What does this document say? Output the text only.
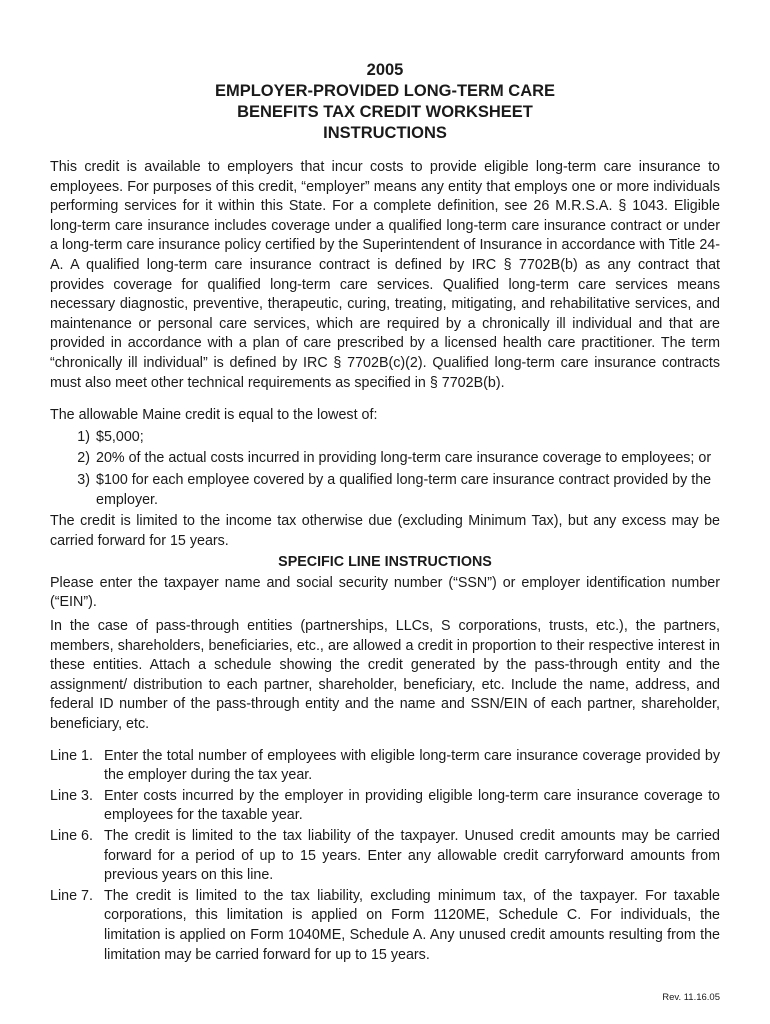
2005
EMPLOYER-PROVIDED LONG-TERM CARE
BENEFITS TAX CREDIT WORKSHEET
INSTRUCTIONS

This credit is available to employers that incur costs to provide eligible long-term care insurance to employees. For purposes of this credit, “employer” means any entity that employs one or more individuals performing services for it within this State. For a complete definition, see 26 M.R.S.A. § 1043. Eligible long-term care insurance includes coverage under a qualified long-term care insurance contract or under a long-term care insurance policy certified by the Superintendent of Insurance in accordance with Title 24-A. A qualified long-term care insurance contract is defined by IRC § 7702B(b) as any contract that provides coverage for qualified long-term care services. Qualified long-term care services means necessary diagnostic, preventive, therapeutic, curing, treating, mitigating, and rehabilitative services, and maintenance or personal care services, which are required by a chronically ill individual and that are provided in accordance with a plan of care prescribed by a licensed health care practitioner. The term “chronically ill individual” is defined by IRC § 7702B(c)(2). Qualified long-term care insurance contracts must also meet other technical requirements as specified in § 7702B(b).

The allowable Maine credit is equal to the lowest of:

1) $5,000;
2) 20% of the actual costs incurred in providing long-term care insurance coverage to employees; or
3) $100 for each employee covered by a qualified long-term care insurance contract provided by the employer.

The credit is limited to the income tax otherwise due (excluding Minimum Tax), but any excess may be carried forward for 15 years.

SPECIFIC LINE INSTRUCTIONS

Please enter the taxpayer name and social security number (“SSN”) or employer identification number (“EIN”).

In the case of pass-through entities (partnerships, LLCs, S corporations, trusts, etc.), the partners, members, shareholders, beneficiaries, etc., are allowed a credit in proportion to their respective interest in these entities. Attach a schedule showing the credit generated by the pass-through entity and the assignment/ distribution to each partner, shareholder, beneficiary, etc. Include the name, address, and federal ID number of the pass-through entity and the name and SSN/EIN of each partner, shareholder, beneficiary, etc.

Line 1. Enter the total number of employees with eligible long-term care insurance coverage provided by the employer during the tax year.
Line 3. Enter costs incurred by the employer in providing eligible long-term care insurance coverage to employees for the taxable year.
Line 6. The credit is limited to the tax liability of the taxpayer. Unused credit amounts may be carried forward for a period of up to 15 years. Enter any allowable credit carryforward amounts from previous years on this line.
Line 7. The credit is limited to the tax liability, excluding minimum tax, of the taxpayer. For taxable corporations, this limitation is applied on Form 1120ME, Schedule C. For individuals, the limitation is applied on Form 1040ME, Schedule A. Any unused credit amounts resulting from the limitation may be carried forward for up to 15 years.
Rev. 11.16.05
